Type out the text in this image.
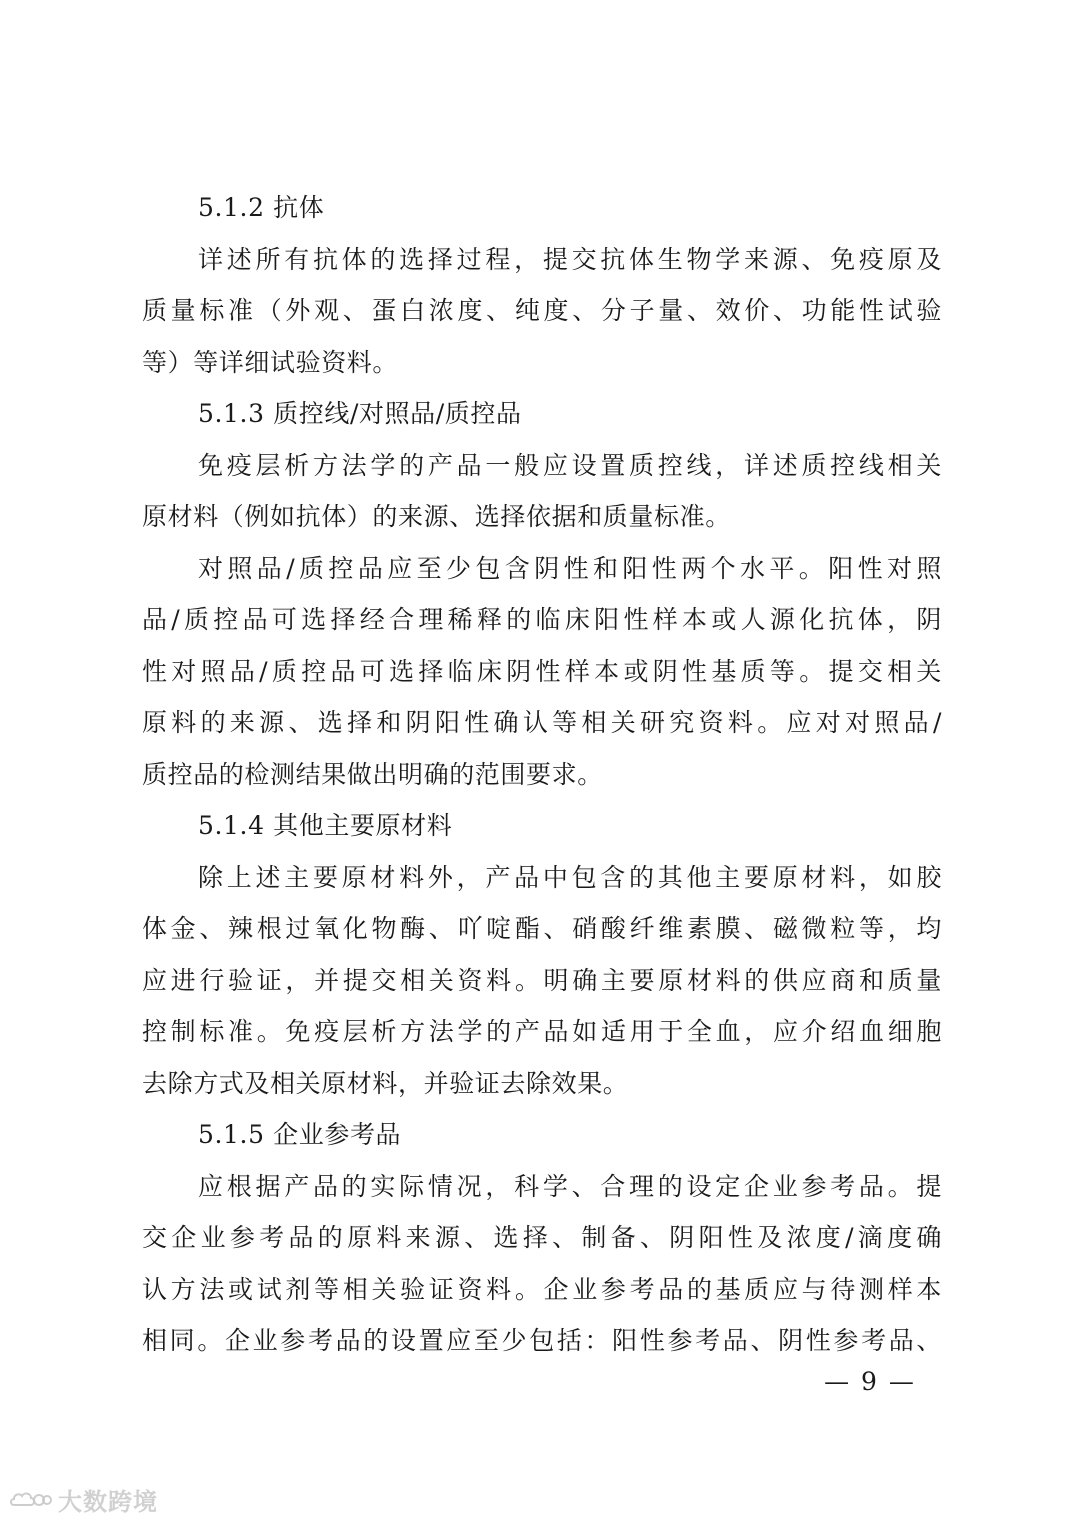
5.1.2 抗体
详述所有抗体的选择过程，提交抗体生物学来源、免疫原及
质量标准（外观、蛋白浓度、纯度、分子量、效价、功能性试验
等）等详细试验资料。
5.1.3 质控线/对照品/质控品
免疫层析方法学的产品一般应设置质控线，详述质控线相关
原材料（例如抗体）的来源、选择依据和质量标准。
对照品/质控品应至少包含阴性和阳性两个水平。阳性对照
品/质控品可选择经合理稀释的临床阳性样本或人源化抗体，阴
性对照品/质控品可选择临床阴性样本或阴性基质等。提交相关
原料的来源、选择和阴阳性确认等相关研究资料。应对对照品/
质控品的检测结果做出明确的范围要求。
5.1.4 其他主要原材料
除上述主要原材料外，产品中包含的其他主要原材料，如胶
体金、辣根过氧化物酶、吖啶酯、硝酸纤维素膜、磁微粒等，均
应进行验证，并提交相关资料。明确主要原材料的供应商和质量
控制标准。免疫层析方法学的产品如适用于全血，应介绍血细胞
去除方式及相关原材料，并验证去除效果。
5.1.5 企业参考品
应根据产品的实际情况，科学、合理的设定企业参考品。提
交企业参考品的原料来源、选择、制备、阴阳性及浓度/滴度确
认方法或试剂等相关验证资料。企业参考品的基质应与待测样本
相同。企业参考品的设置应至少包括：阳性参考品、阴性参考品、
— 9 —
大数跨境
